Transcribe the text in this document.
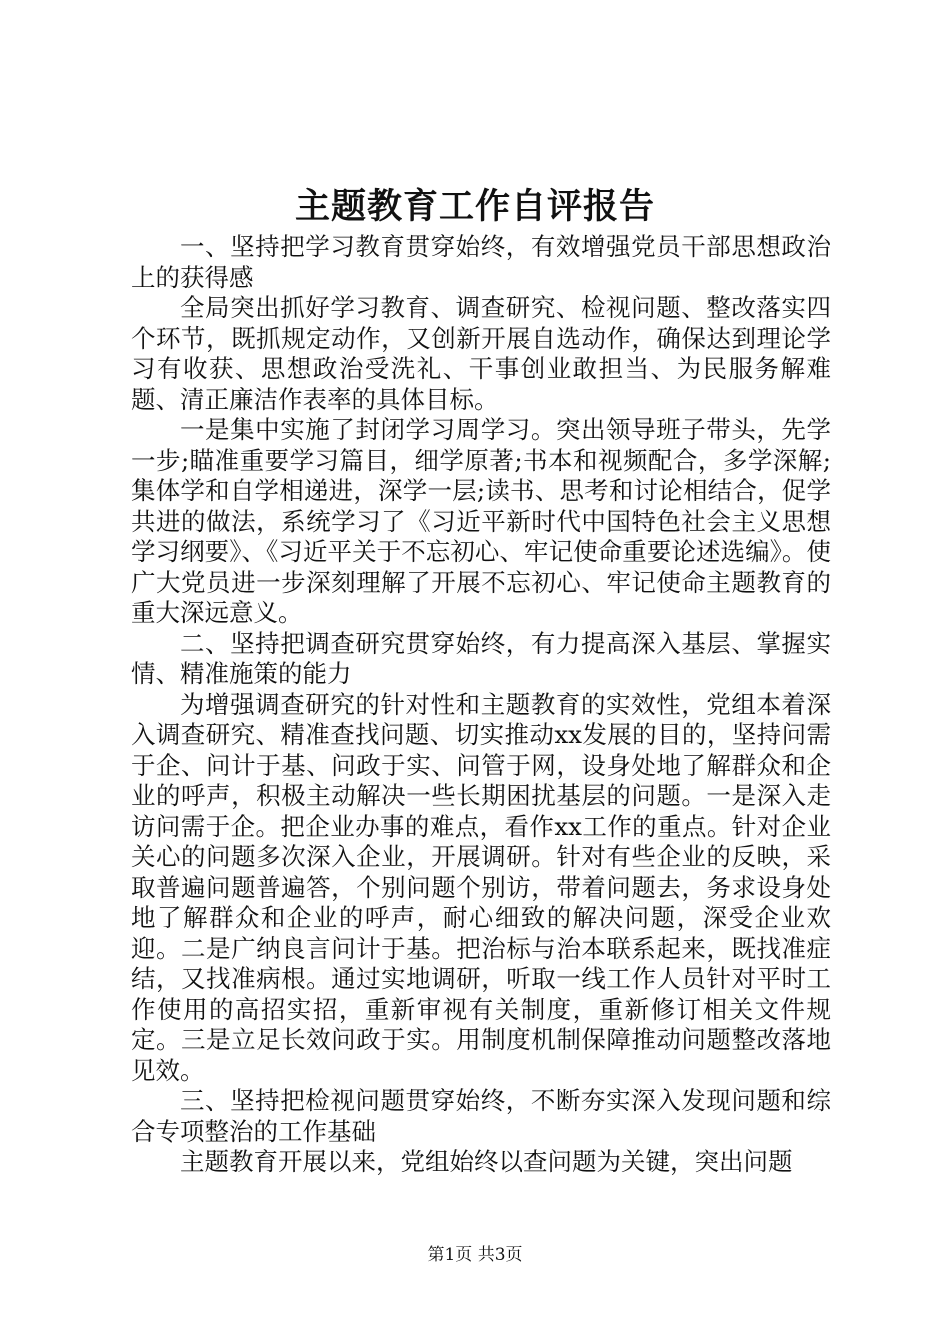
主题教育工作自评报告

一、坚持把学习教育贯穿始终，有效增强党员干部思想政治上的获得感

全局突出抓好学习教育、调查研究、检视问题、整改落实四个环节，既抓规定动作，又创新开展自选动作，确保达到理论学习有收获、思想政治受洗礼、干事创业敢担当、为民服务解难题、清正廉洁作表率的具体目标。

一是集中实施了封闭学习周学习。突出领导班子带头，先学一步;瞄准重要学习篇目，细学原著;书本和视频配合，多学深解;集体学和自学相递进，深学一层;读书、思考和讨论相结合，促学共进的做法，系统学习了《习近平新时代中国特色社会主义思想学习纲要》、《习近平关于不忘初心、牢记使命重要论述选编》。使广大党员进一步深刻理解了开展不忘初心、牢记使命主题教育的重大深远意义。

二、坚持把调查研究贯穿始终，有力提高深入基层、掌握实情、精准施策的能力

为增强调查研究的针对性和主题教育的实效性，党组本着深入调查研究、精准查找问题、切实推动xx发展的目的，坚持问需于企、问计于基、问政于实、问管于网，设身处地了解群众和企业的呼声，积极主动解决一些长期困扰基层的问题。一是深入走访问需于企。把企业办事的难点，看作xx工作的重点。针对企业关心的问题多次深入企业，开展调研。针对有些企业的反映，采取普遍问题普遍答，个别问题个别访，带着问题去，务求设身处地了解群众和企业的呼声，耐心细致的解决问题，深受企业欢迎。二是广纳良言问计于基。把治标与治本联系起来，既找准症结，又找准病根。通过实地调研，听取一线工作人员针对平时工作使用的高招实招，重新审视有关制度，重新修订相关文件规定。三是立足长效问政于实。用制度机制保障推动问题整改落地见效。

三、坚持把检视问题贯穿始终，不断夯实深入发现问题和综合专项整治的工作基础

主题教育开展以来，党组始终以查问题为关键，突出问题

第1页 共3页
